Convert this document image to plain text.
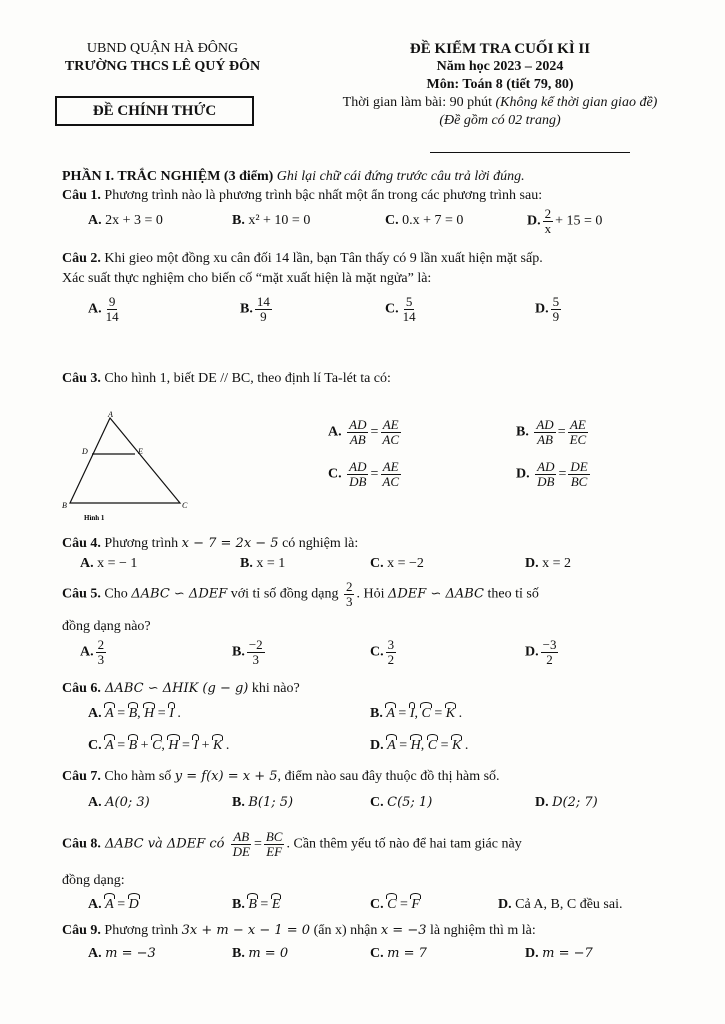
UBND QUẬN HÀ ĐÔNG
TRƯỜNG THCS LÊ QUÝ ĐÔN
ĐỀ CHÍNH THỨC
ĐỀ KIỂM TRA CUỐI KÌ II
Năm học 2023 – 2024
Môn: Toán 8 (tiết 79, 80)
Thời gian làm bài: 90 phút (Không kể thời gian giao đề)
(Đề gồm có 02 trang)
PHẦN I. TRẮC NGHIỆM (3 điểm) Ghi lại chữ cái đứng trước câu trả lời đúng.
Câu 1. Phương trình nào là phương trình bậc nhất một ẩn trong các phương trình sau:
A. 2x + 3 = 0	B. x² + 10 = 0	C. 0.x + 7 = 0	D. $\frac{2}{x} + 15 = 0$
Câu 2. Khi gieo một đồng xu cân đối 14 lần, bạn Tân thấy có 9 lần xuất hiện mặt sấp.
Xác suất thực nghiệm cho biến cố “mặt xuất hiện là mặt ngửa” là:
A. $\frac{9}{14}$	B. $\frac{14}{9}$	C. $\frac{5}{14}$	D. $\frac{5}{9}$
Câu 3. Cho hình 1, biết DE // BC, theo định lí Ta-lét ta có:
A
D	E
B	C
Hình 1
A. $\frac{AD}{AB} = \frac{AE}{AC}$	B. $\frac{AD}{AB} = \frac{AE}{EC}$
C. $\frac{AD}{DB} = \frac{AE}{AC}$	D. $\frac{AD}{DB} = \frac{DE}{BC}$
Câu 4. Phương trình x − 7 = 2x − 5 có nghiệm là:
A. x = − 1	B. x = 1	C. x = −2	D. x = 2
Câu 5. Cho ΔABC ∽ ΔDEF với tỉ số đồng dạng $\frac{2}{3}$ . Hỏi ΔDEF ∽ ΔABC theo tỉ số
đồng dạng nào?
A. $\frac{2}{3}$	B. $\frac{-2}{3}$	C. $\frac{3}{2}$	D. $\frac{-3}{2}$
Câu 6. ΔABC ∽ ΔHIK (g − g) khi nào?
A. A = B, H = I .	B. A = I, C = K .
C. A = B + C, H = I + K .	D. A = H, C = K .
Câu 7. Cho hàm số y = f(x) = x + 5, điểm nào sau đây thuộc đồ thị hàm số.
A. A(0; 3)	B. B(1; 5)	C. C(5; 1)	D. D(2; 7)
Câu 8. ΔABC và ΔDEF có $\frac{AB}{DE} = \frac{BC}{EF}$ . Cần thêm yếu tố nào để hai tam giác này
đồng dạng:
A. A = D	B. B = E	C. C = F	D. Cả A, B, C đều sai.
Câu 9. Phương trình 3x + m − x − 1 = 0 (ẩn x) nhận x = −3 là nghiệm thì m là:
A. m = −3	B. m = 0	C. m = 7	D. m = −7
